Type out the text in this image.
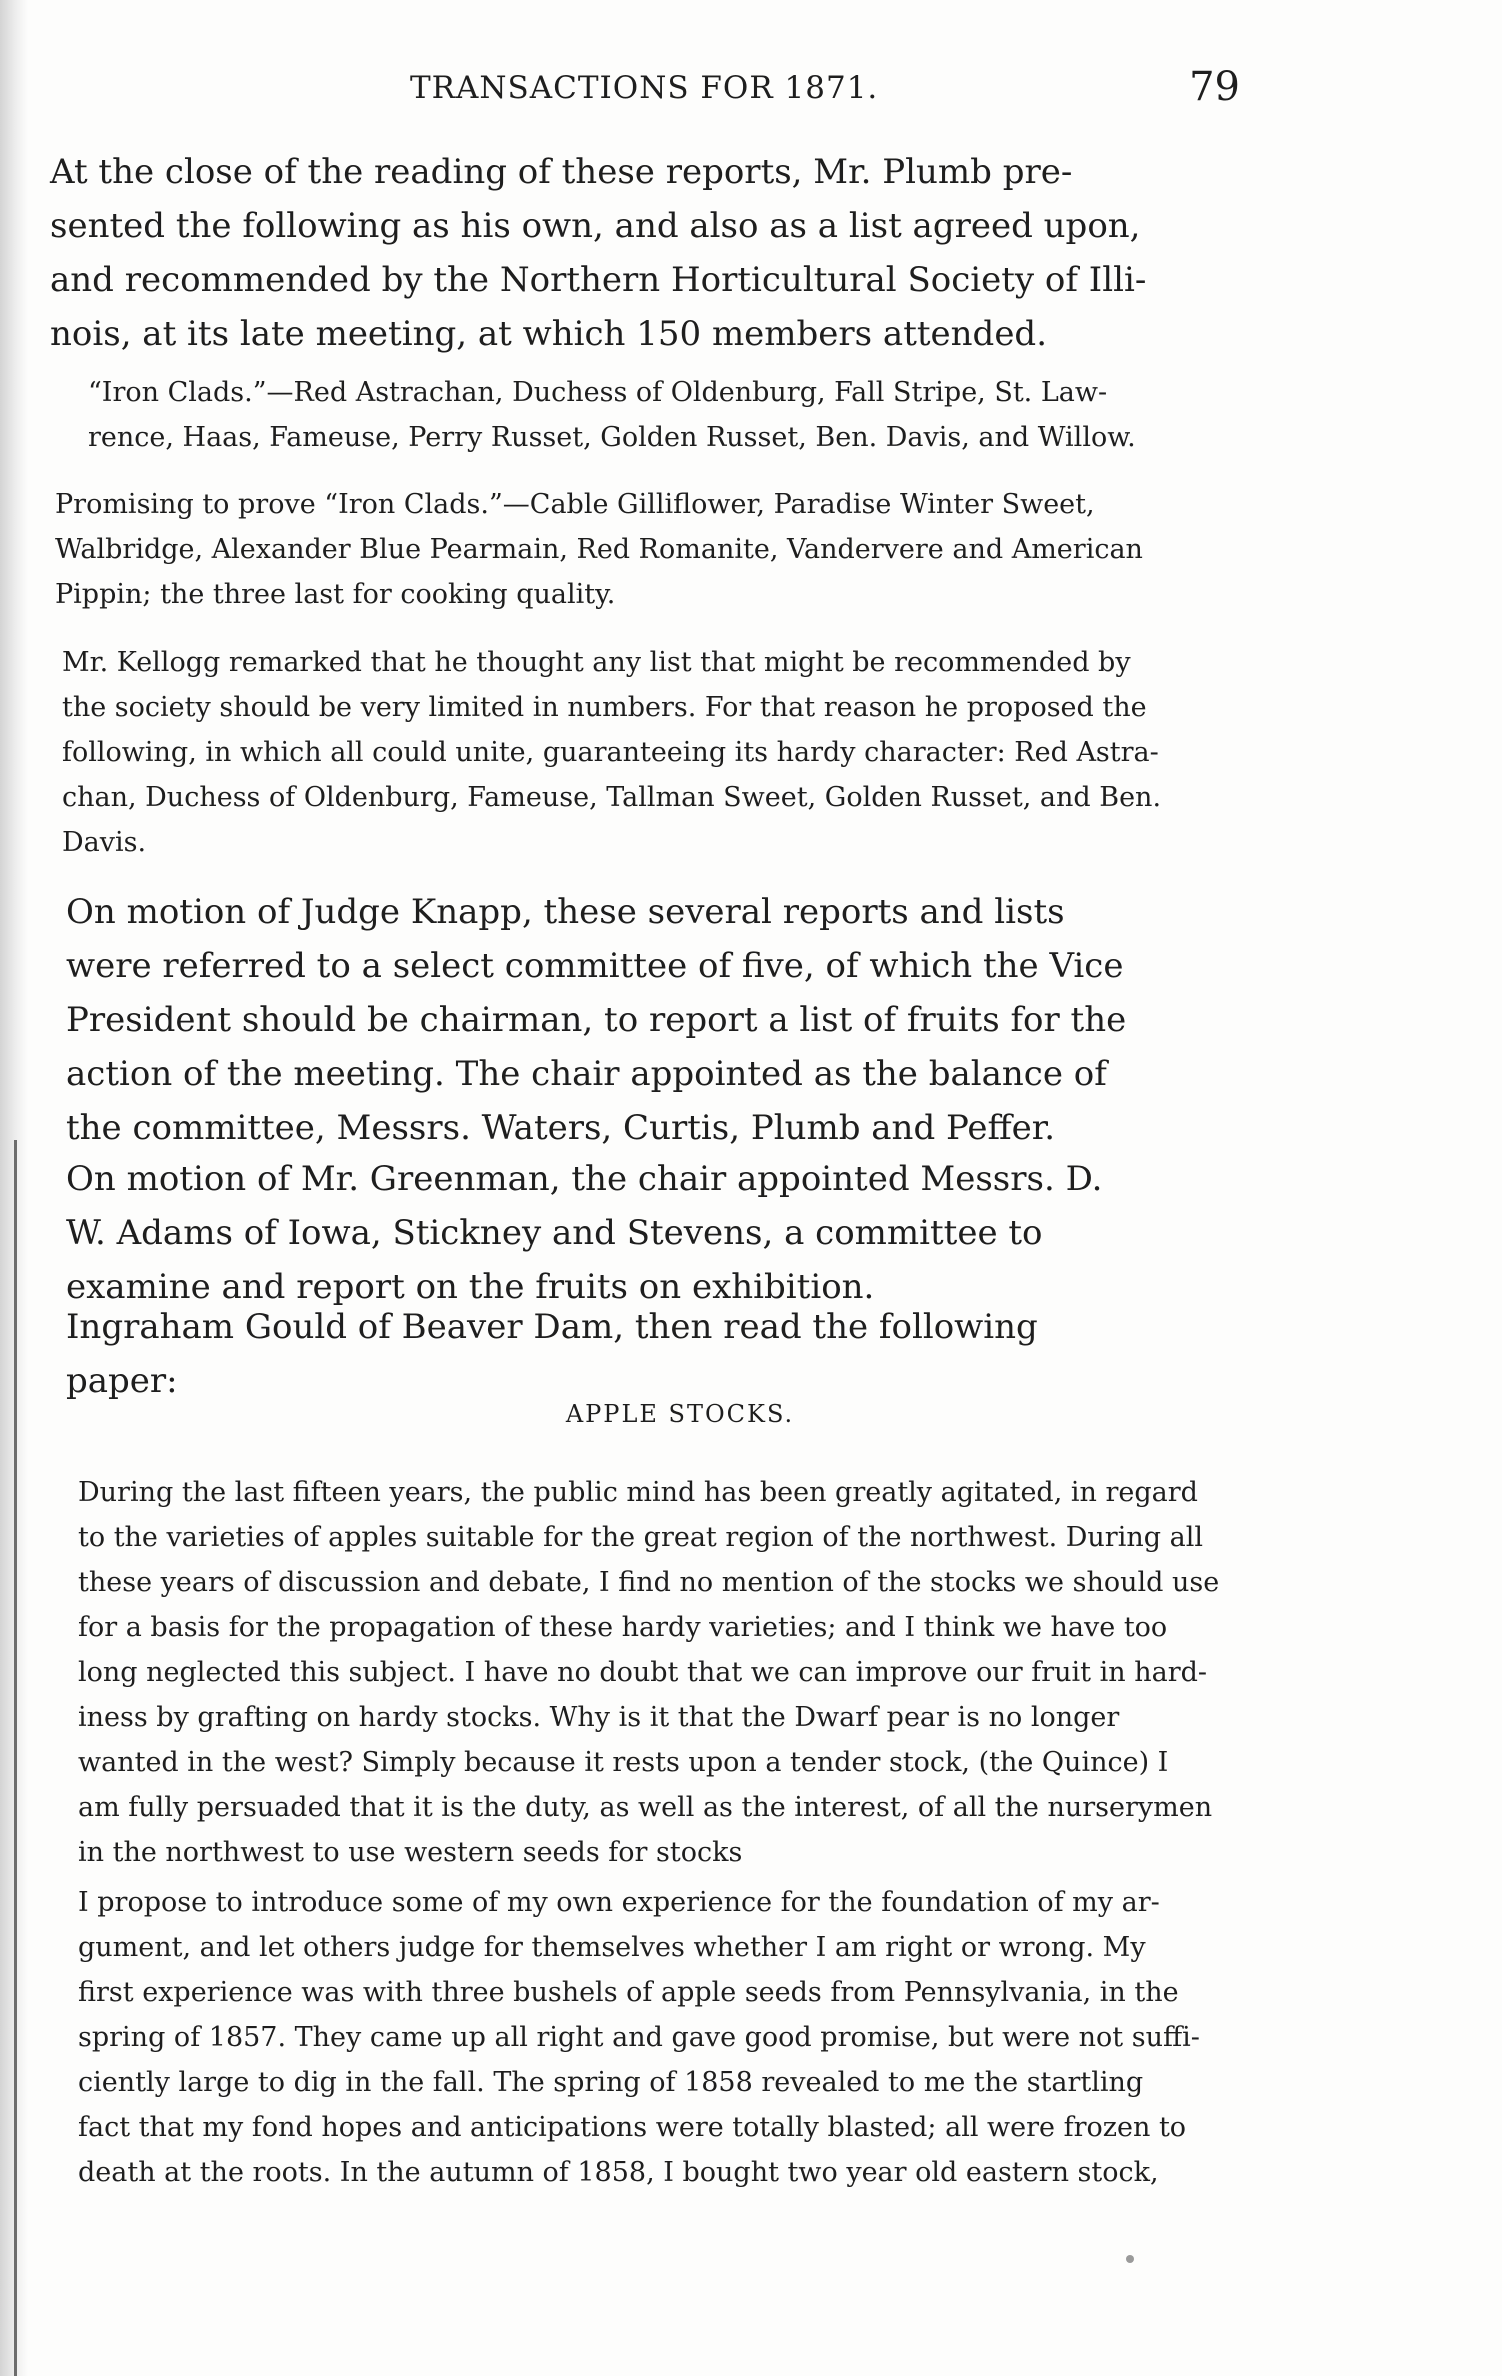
TRANSACTIONS FOR 1871.	79

At the close of the reading of these reports, Mr. Plumb pre-
sented the following as his own, and also as a list agreed upon,
and recommended by the Northern Horticultural Society of Illi-
nois, at its late meeting, at which 150 members attended.

“Iron Clads.”—Red Astrachan, Duchess of Oldenburg, Fall Stripe, St. Law-
rence, Haas, Fameuse, Perry Russet, Golden Russet, Ben. Davis, and Willow.

Promising to prove “Iron Clads.”—Cable Gilliflower, Paradise Winter Sweet,
Walbridge, Alexander Blue Pearmain, Red Romanite, Vandervere and American
Pippin; the three last for cooking quality.

Mr. Kellogg remarked that he thought any list that might be recommended by
the society should be very limited in numbers. For that reason he proposed the
following, in which all could unite, guaranteeing its hardy character: Red Astra-
chan, Duchess of Oldenburg, Fameuse, Tallman Sweet, Golden Russet, and Ben.
Davis.

On motion of Judge Knapp, these several reports and lists
were referred to a select committee of five, of which the Vice
President should be chairman, to report a list of fruits for the
action of the meeting. The chair appointed as the balance of
the committee, Messrs. Waters, Curtis, Plumb and Peffer.

On motion of Mr. Greenman, the chair appointed Messrs. D.
W. Adams of Iowa, Stickney and Stevens, a committee to
examine and report on the fruits on exhibition.

Ingraham Gould of Beaver Dam, then read the following
paper:

APPLE STOCKS.

During the last fifteen years, the public mind has been greatly agitated, in regard
to the varieties of apples suitable for the great region of the northwest. During all
these years of discussion and debate, I find no mention of the stocks we should use
for a basis for the propagation of these hardy varieties; and I think we have too
long neglected this subject. I have no doubt that we can improve our fruit in hard-
iness by grafting on hardy stocks. Why is it that the Dwarf pear is no longer
wanted in the west? Simply because it rests upon a tender stock, (the Quince) I
am fully persuaded that it is the duty, as well as the interest, of all the nurserymen
in the northwest to use western seeds for stocks

I propose to introduce some of my own experience for the foundation of my ar-
gument, and let others judge for themselves whether I am right or wrong. My
first experience was with three bushels of apple seeds from Pennsylvania, in the
spring of 1857. They came up all right and gave good promise, but were not suffi-
ciently large to dig in the fall. The spring of 1858 revealed to me the startling
fact that my fond hopes and anticipations were totally blasted; all were frozen to
death at the roots. In the autumn of 1858, I bought two year old eastern stock,
